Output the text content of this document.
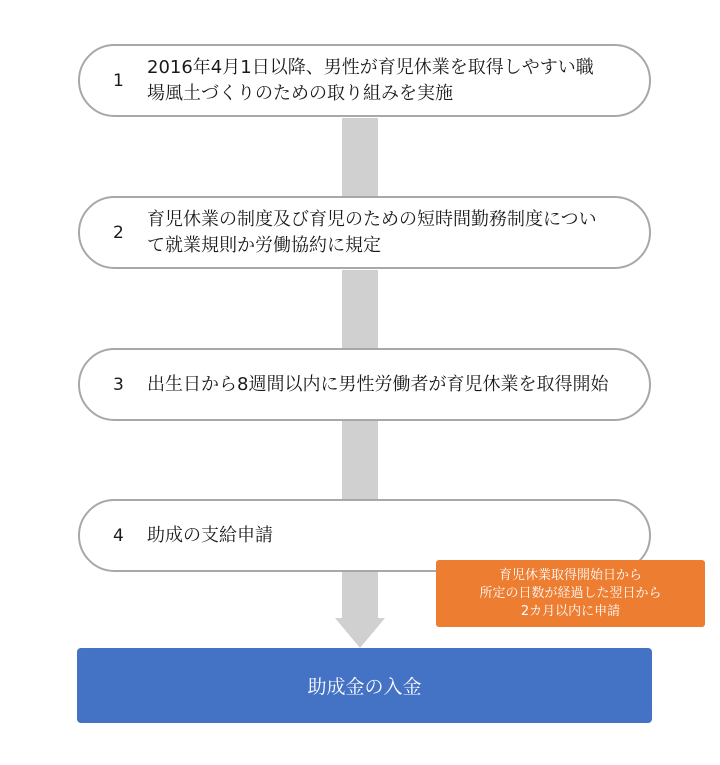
1
2016年4月1日以降、男性が育児休業を取得しやすい職場風土づくりのための取り組みを実施
2
育児休業の制度及び育児のための短時間勤務制度について就業規則か労働協約に規定
3 出生日から8週間以内に男性労働者が育児休業を取得開始
4 助成の支給申請
育児休業取得開始日から
所定の日数が経過した翌日から
2カ月以内に申請
助成金の入金
